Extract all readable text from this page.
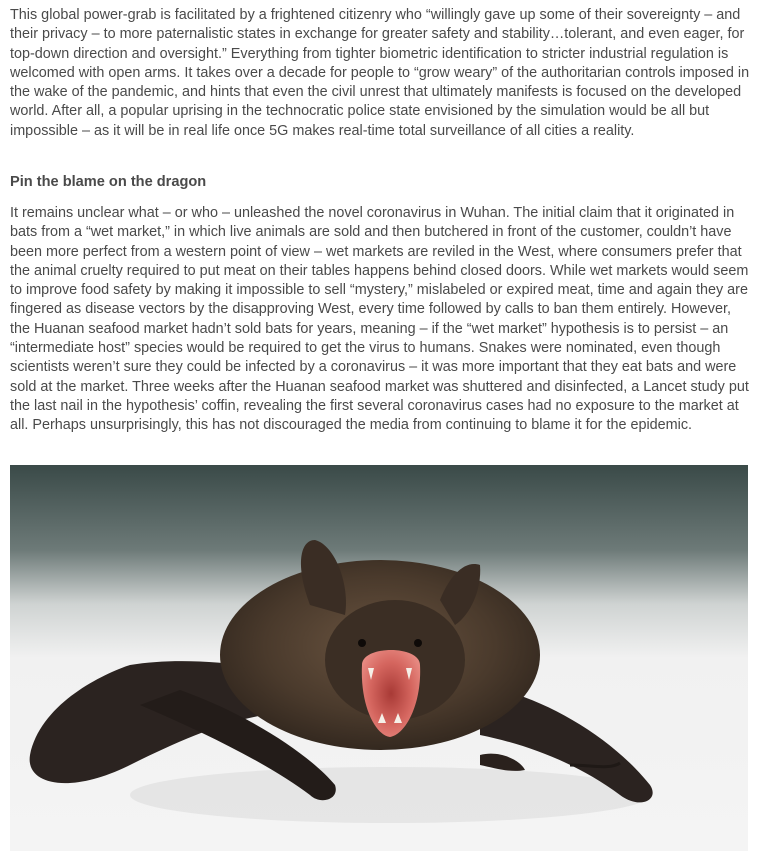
This global power-grab is facilitated by a frightened citizenry who “willingly gave up some of their sovereignty – and their privacy – to more paternalistic states in exchange for greater safety and stability…tolerant, and even eager, for top-down direction and oversight.” Everything from tighter biometric identification to stricter industrial regulation is welcomed with open arms. It takes over a decade for people to “grow weary” of the authoritarian controls imposed in the wake of the pandemic, and hints that even the civil unrest that ultimately manifests is focused on the developed world. After all, a popular uprising in the technocratic police state envisioned by the simulation would be all but impossible – as it will be in real life once 5G makes real-time total surveillance of all cities a reality.

Pin the blame on the dragon

It remains unclear what – or who – unleashed the novel coronavirus in Wuhan. The initial claim that it originated in bats from a “wet market,” in which live animals are sold and then butchered in front of the customer, couldn’t have been more perfect from a western point of view – wet markets are reviled in the West, where consumers prefer that the animal cruelty required to put meat on their tables happens behind closed doors. While wet markets would seem to improve food safety by making it impossible to sell “mystery,” mislabeled or expired meat, time and again they are fingered as disease vectors by the disapproving West, every time followed by calls to ban them entirely. However, the Huanan seafood market hadn’t sold bats for years, meaning – if the “wet market” hypothesis is to persist – an “intermediate host” species would be required to get the virus to humans. Snakes were nominated, even though scientists weren’t sure they could be infected by a coronavirus – it was more important that they eat bats and were sold at the market. Three weeks after the Huanan seafood market was shuttered and disinfected, a Lancet study put the last nail in the hypothesis’ coffin, revealing the first several coronavirus cases had no exposure to the market at all. Perhaps unsurprisingly, this has not discouraged the media from continuing to blame it for the epidemic.
